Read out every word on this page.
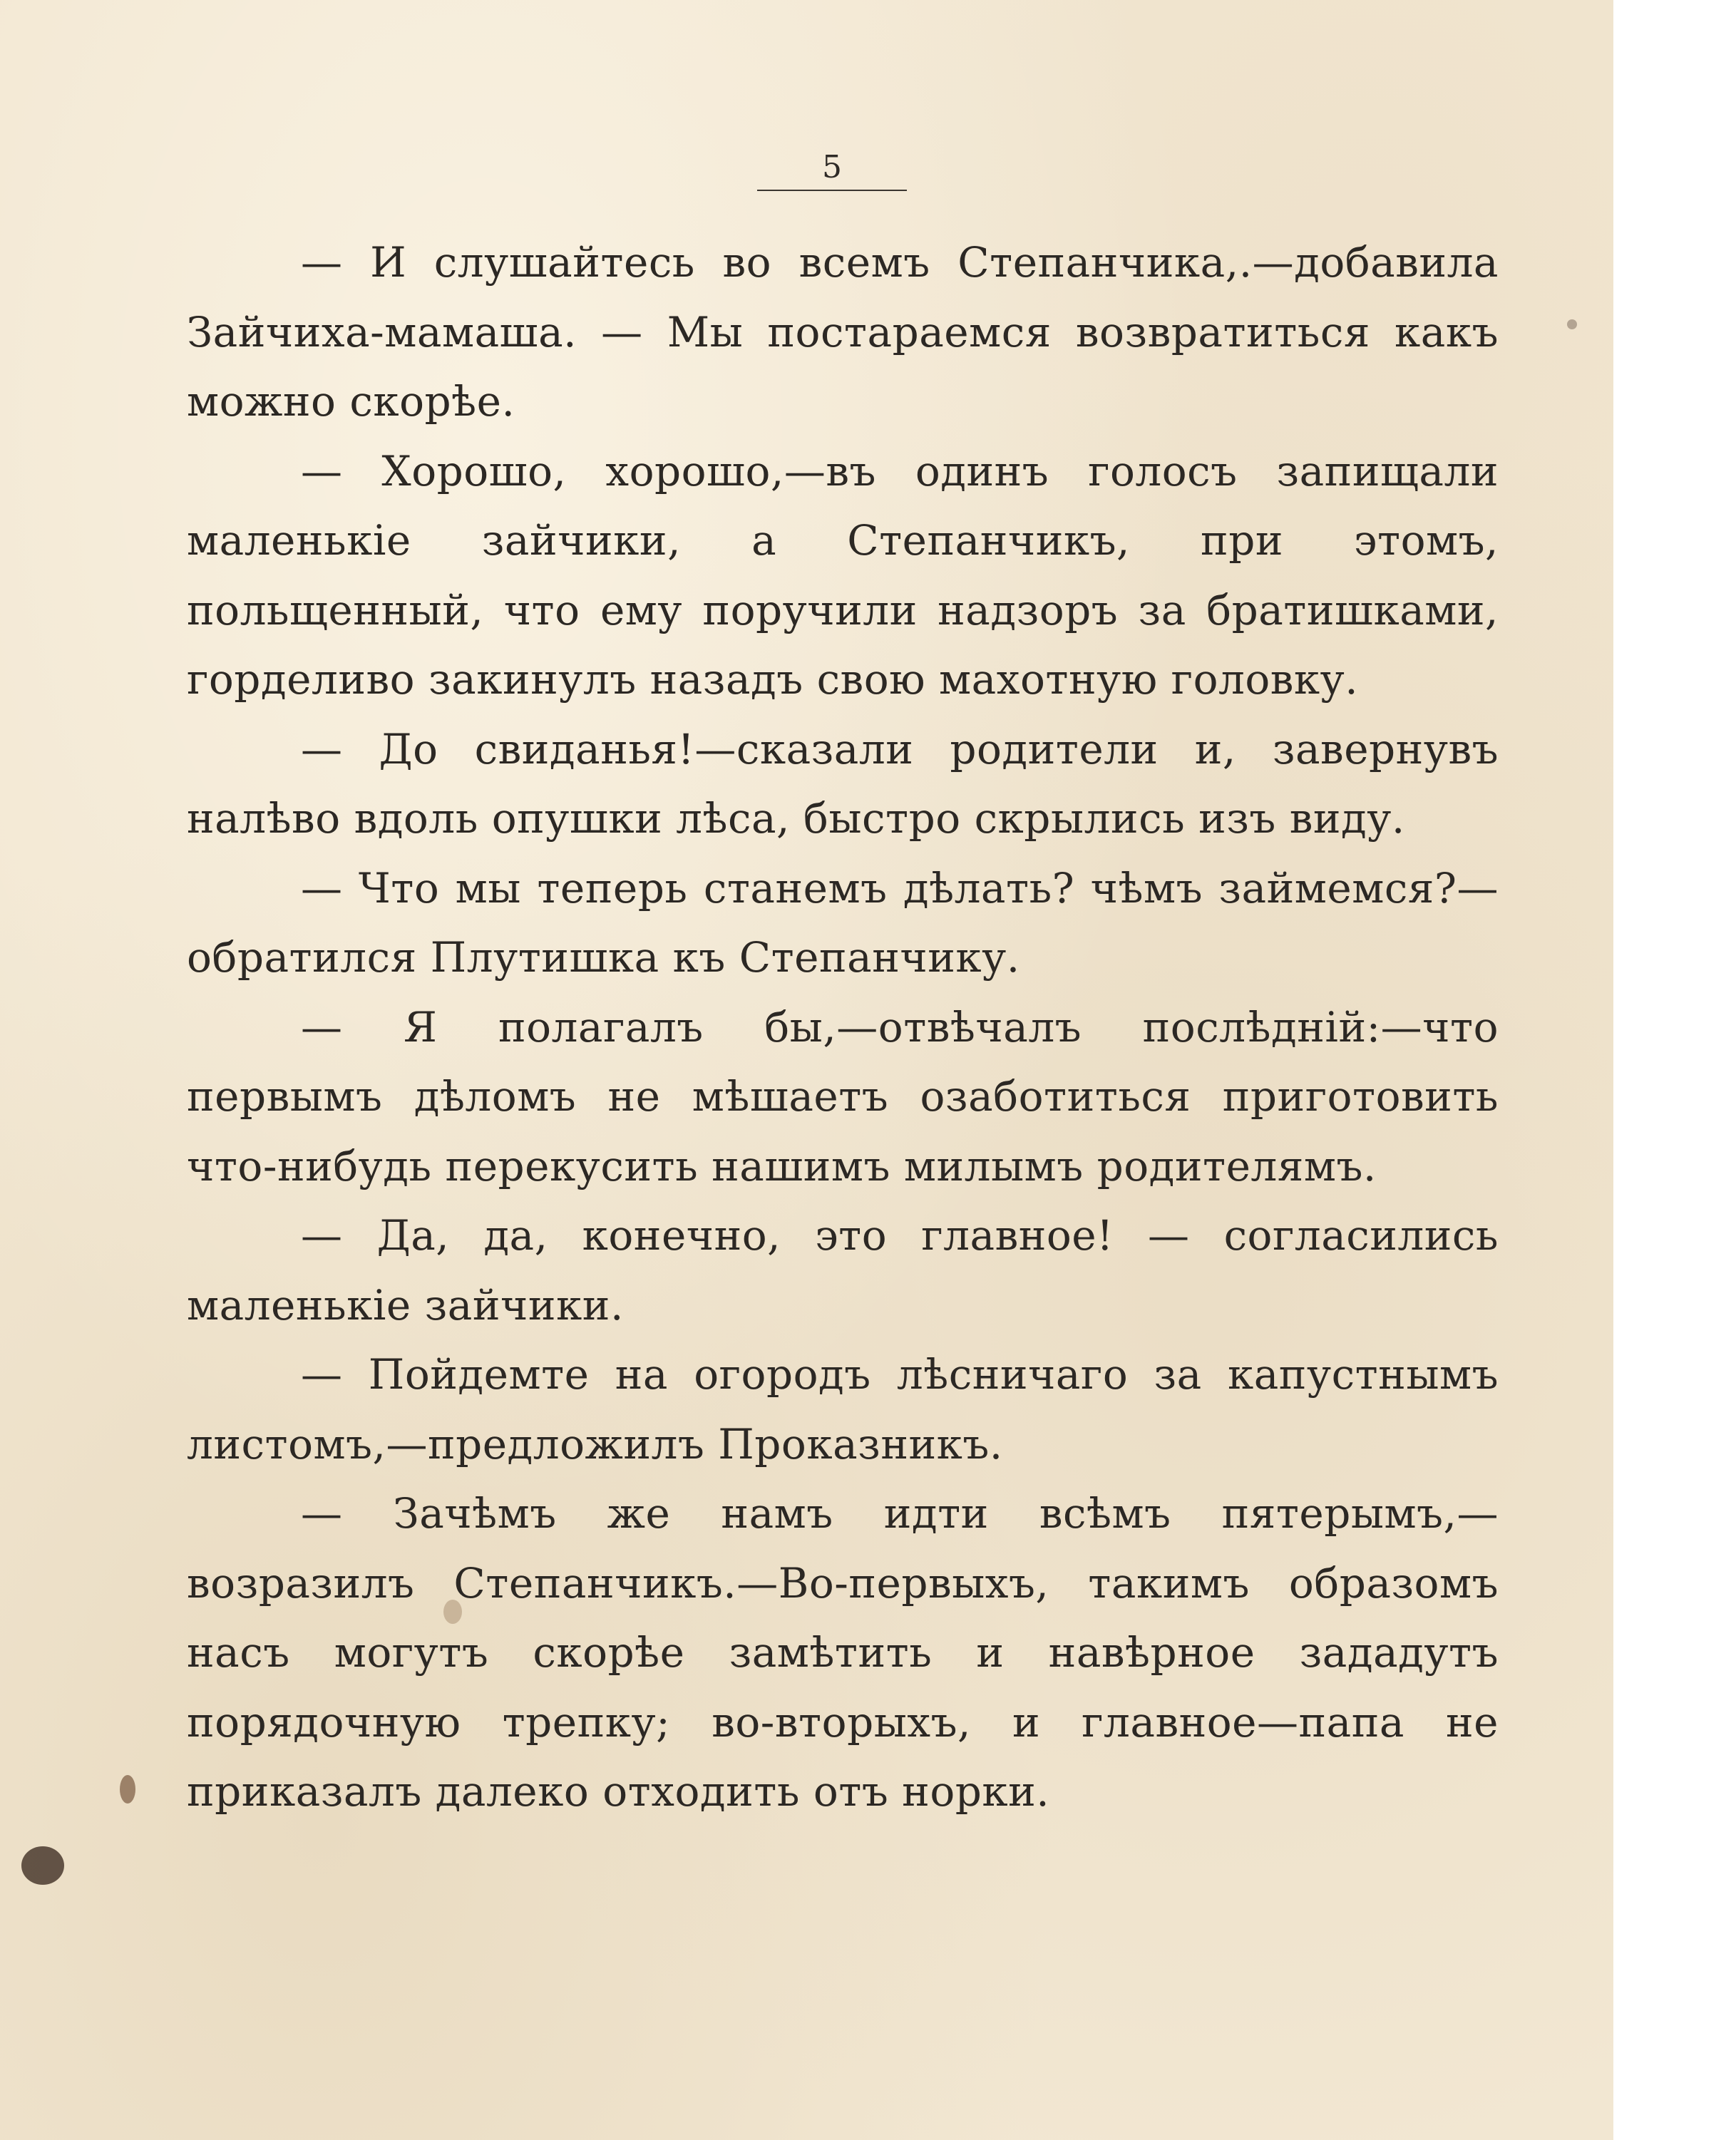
5

— И слушайтесь во всемъ Степанчика,.—добавила Зайчиха-мамаша. — Мы постараемся возвратиться какъ можно скорѣе.

— Хорошо, хорошо,—въ одинъ голосъ запищали маленькіе зайчики, а Степанчикъ, при этомъ, польщенный, что ему поручили надзоръ за братишками, горделиво закинулъ назадъ свою махотную головку.

— До свиданья!—сказали родители и, завернувъ налѣво вдоль опушки лѣса, быстро скрылись изъ виду.

— Что мы теперь станемъ дѣлать? чѣмъ займемся?— обратился Плутишка къ Степанчику.

— Я полагалъ бы,—отвѣчалъ послѣдній:—что первымъ дѣломъ не мѣшаетъ озаботиться приготовить что-нибудь перекусить нашимъ милымъ родителямъ.

— Да, да, конечно, это главное! — согласились маленькіе зайчики.

— Пойдемте на огородъ лѣсничаго за капустнымъ листомъ,—предложилъ Проказникъ.

— Зачѣмъ же намъ идти всѣмъ пятерымъ,—возразилъ Степанчикъ.—Во-первыхъ, такимъ образомъ насъ могутъ скорѣе замѣтить и навѣрное зададутъ порядочную трепку; во-вторыхъ, и главное—папа не приказалъ далеко отходить отъ норки.
